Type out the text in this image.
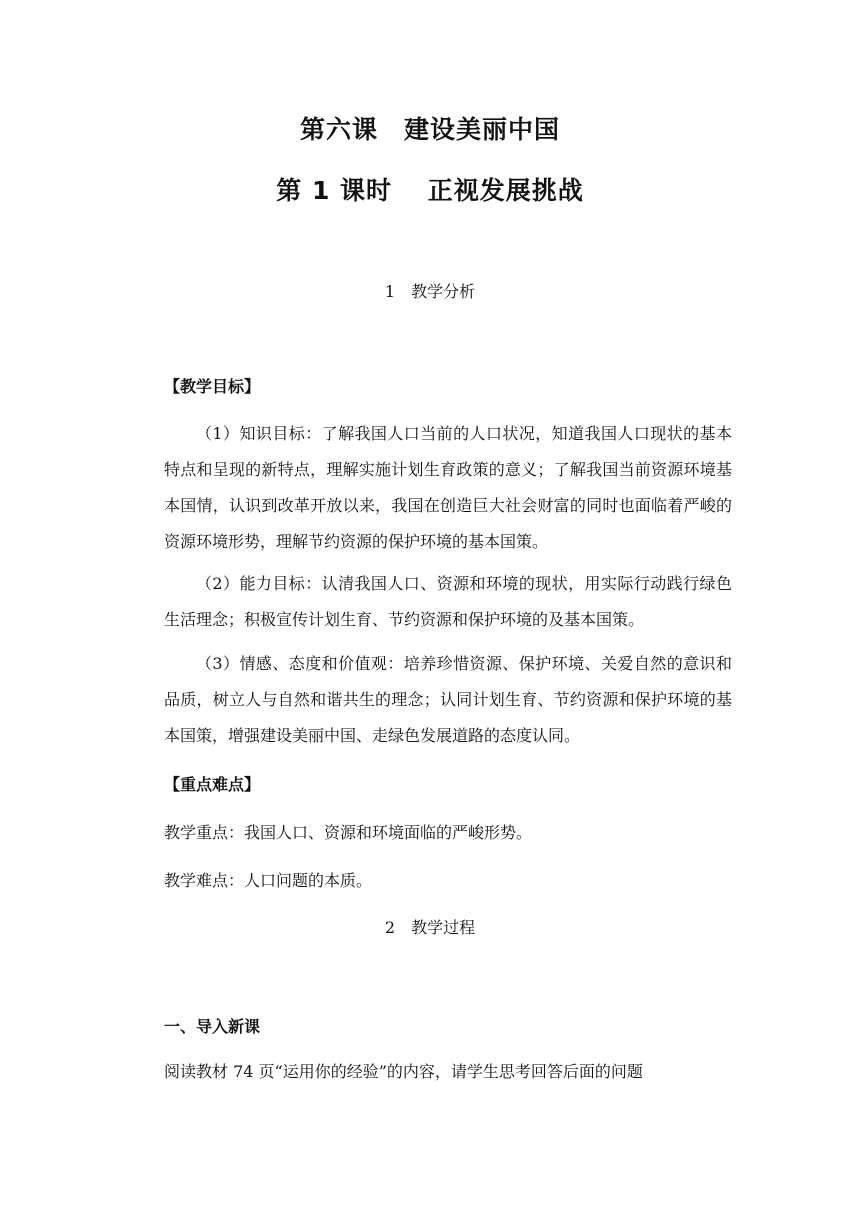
第六课　建设美丽中国
第 1 课时　 正视发展挑战
1　教学分析
【教学目标】
（1）知识目标：了解我国人口当前的人口状况，知道我国人口现状的基本特点和呈现的新特点，理解实施计划生育政策的意义；了解我国当前资源环境基本国情，认识到改革开放以来，我国在创造巨大社会财富的同时也面临着严峻的资源环境形势，理解节约资源的保护环境的基本国策。
（2）能力目标：认清我国人口、资源和环境的现状，用实际行动践行绿色生活理念；积极宣传计划生育、节约资源和保护环境的及基本国策。
（3）情感、态度和价值观：培养珍惜资源、保护环境、关爱自然的意识和品质，树立人与自然和谐共生的理念；认同计划生育、节约资源和保护环境的基本国策，增强建设美丽中国、走绿色发展道路的态度认同。
【重点难点】
教学重点：我国人口、资源和环境面临的严峻形势。
教学难点：人口问题的本质。
2　教学过程
一、导入新课
阅读教材 74 页“运用你的经验”的内容，请学生思考回答后面的问题
